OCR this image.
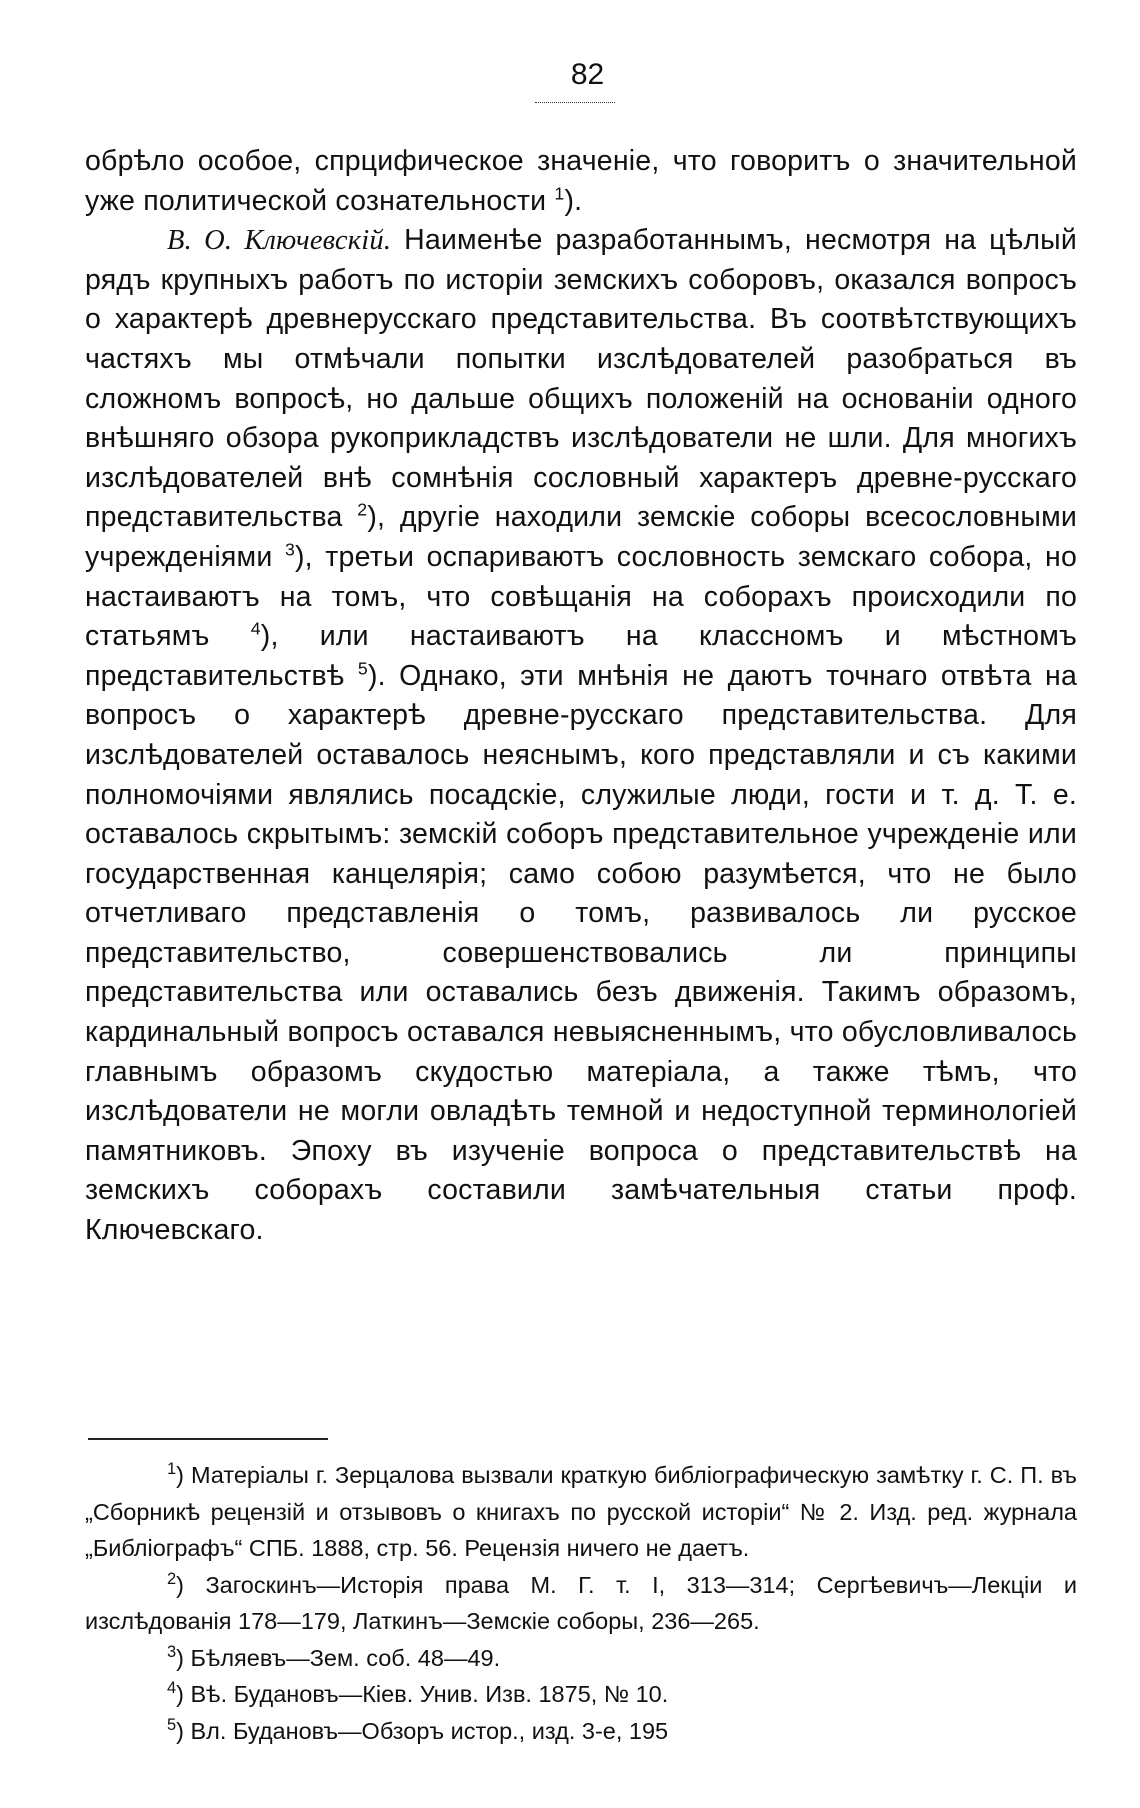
82

обрѣло особое, спрцифическое значенiе, что говоритъ о значительной уже политической сознательности $^1$).

В. О. Ключевскiй. Наименѣе разработаннымъ, несмотря на цѣлый рядъ крупныхъ работъ по исторiи земскихъ соборовъ, оказался вопросъ о характерѣ древнерусскаго представительства. Въ соотвѣтствующихъ частяхъ мы отмѣчали попытки изслѣдователей разобраться въ сложномъ вопросѣ, но дальше общихъ положенiй на основанiи одного внѣшняго обзора рукоприкладствъ изслѣдователи не шли. Для многихъ изслѣдователей внѣ сомнѣнiя сословный характеръ древне-русскаго представительства $^2$), другiе находили земскiе соборы всесословными учрежденiями $^3$), третьи оспариваютъ сословность земскаго собора, но настаиваютъ на томъ, что совѣщанiя на соборахъ происходили по статьямъ $^4$), или настаиваютъ на классномъ и мѣстномъ представительствѣ $^5$). Однако, эти мнѣнiя не даютъ точнаго отвѣта на вопросъ о характерѣ древне-русскаго представительства. Для изслѣдователей оставалось неяснымъ, кого представляли и съ какими полномочiями являлись посадскiе, служилые люди, гости и т. д. Т. е. оставалось скрытымъ: земскiй соборъ представительное учрежденiе или государственная канцелярiя; само собою разумѣется, что не было отчетливаго представленiя о томъ, развивалось ли русское представительство, совершенствовались ли принципы представительства или оставались безъ движенiя. Такимъ образомъ, кардинальный вопросъ оставался невыясненнымъ, что обусловливалось главнымъ образомъ скудостью матерiала, а также тѣмъ, что изслѣдователи не могли овладѣть темной и недоступной терминологiей памятниковъ. Эпоху въ изученiе вопроса о представительствѣ на земскихъ соборахъ составили замѣчательныя статьи проф. Ключевскаго.

$^1$) Матерiалы г. Зерцалова вызвали краткую библiографическую замѣтку г. С. П. въ „Сборникѣ рецензiй и отзывовъ о книгахъ по русской исторiи“ № 2. Изд. ред. журнала „Библiографъ“ СПБ. 1888, стр. 56. Рецензiя ничего не даетъ.

$^2$) Загоскинъ—Исторiя права М. Г. т. I, 313—314; Сергѣевичъ—Лекцiи и изслѣдованiя 178—179, Латкинъ—Земскiе соборы, 236—265.

$^3$) Бѣляевъ—Зем. соб. 48—49.

$^4$) Вѣ. Будановъ—Кiев. Унив. Изв. 1875, № 10.

$^5$) Вл. Будановъ—Обзоръ истор., изд. 3-е, 195
